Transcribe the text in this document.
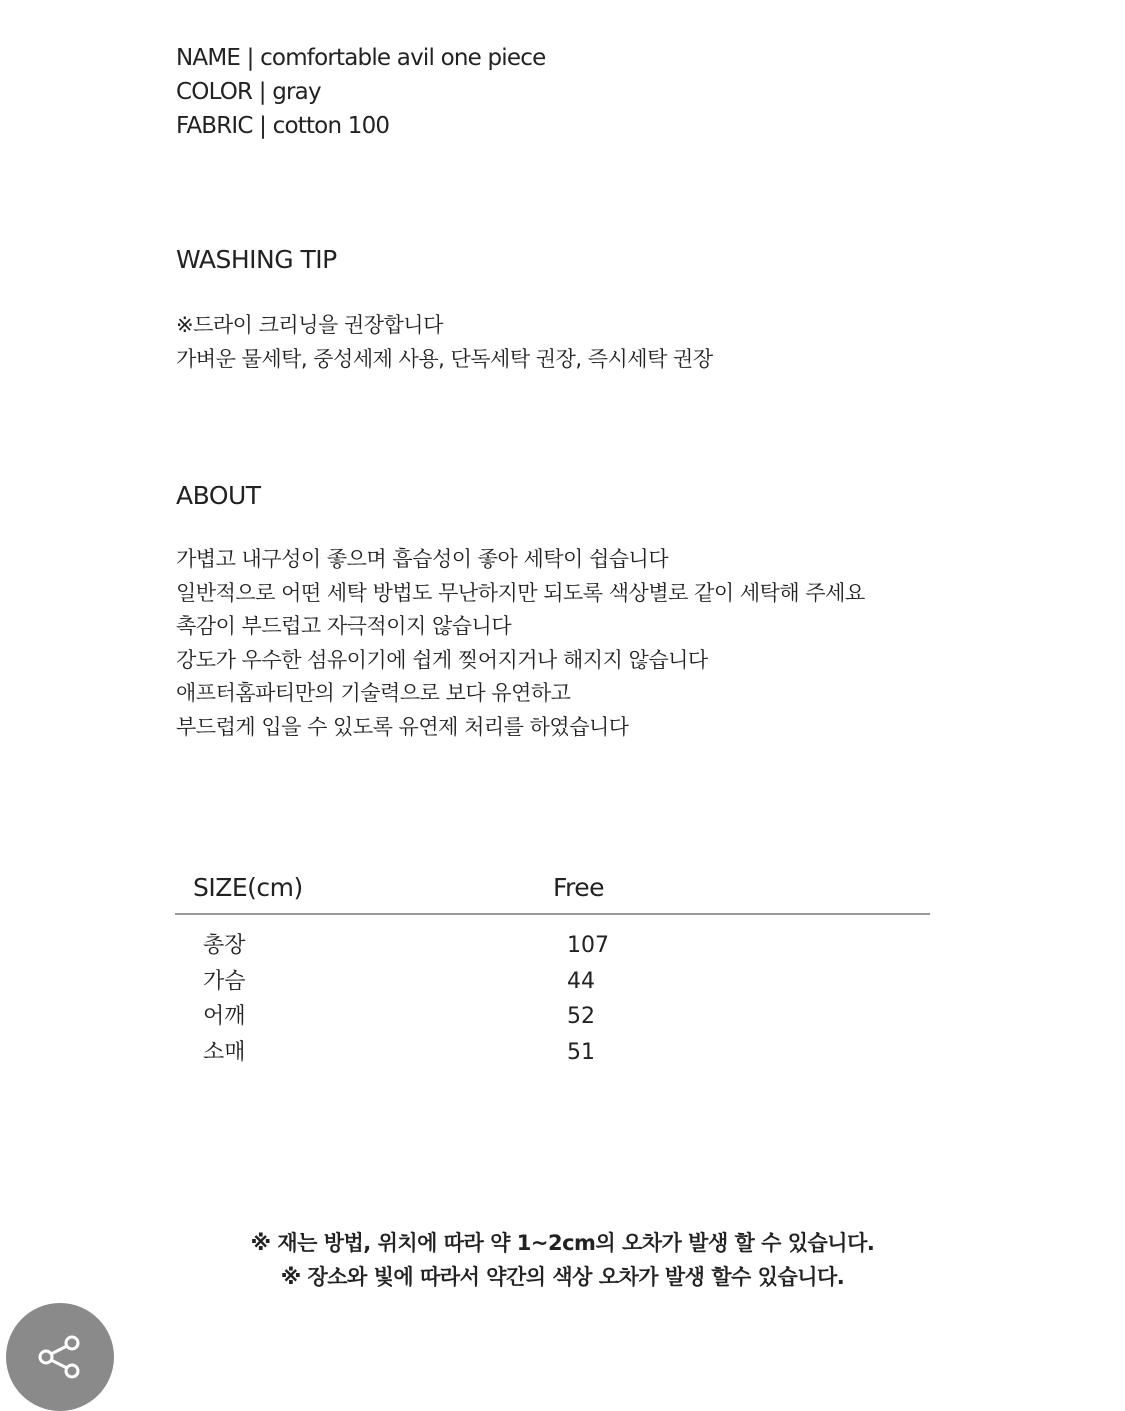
NAME | comfortable avil one piece
COLOR | gray
FABRIC | cotton 100
WASHING TIP
※드라이 크리닝을 권장합니다
가벼운 물세탁, 중성세제 사용, 단독세탁 권장, 즉시세탁 권장
ABOUT
가볍고 내구성이 좋으며 흡습성이 좋아 세탁이 쉽습니다
일반적으로 어떤 세탁 방법도 무난하지만 되도록 색상별로 같이 세탁해 주세요
촉감이 부드럽고 자극적이지 않습니다
강도가 우수한 섬유이기에 쉽게 찢어지거나 해지지 않습니다
애프터홈파티만의 기술력으로 보다 유연하고
부드럽게 입을 수 있도록 유연제 처리를 하였습니다
SIZE(cm)	Free
총장
가슴
어깨
소매
107
44
52
51
※ 재는 방법, 위치에 따라 약 1~2cm의 오차가 발생 할 수 있습니다.
※ 장소와 빛에 따라서 약간의 색상 오차가 발생 할수 있습니다.
